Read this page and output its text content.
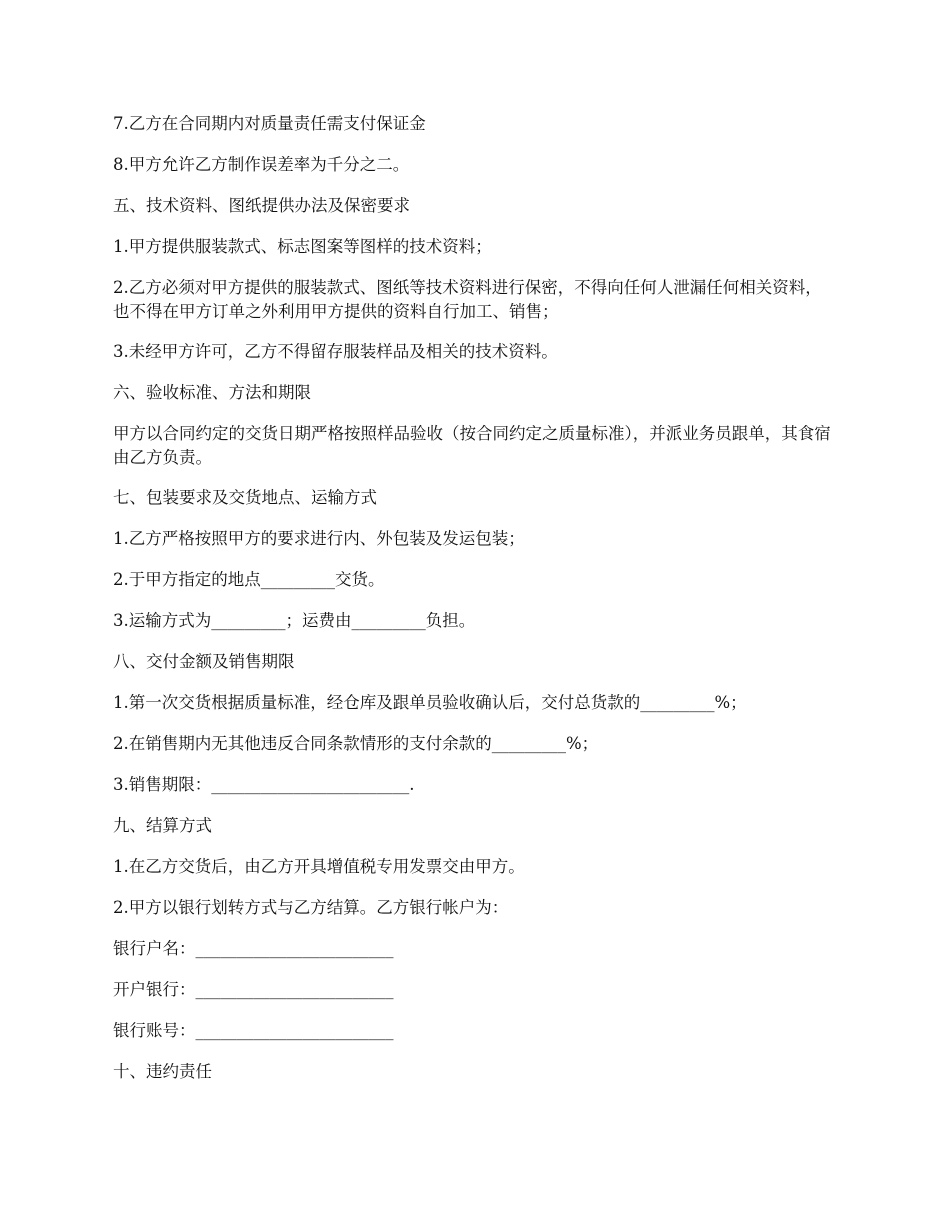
7.乙方在合同期内对质量责任需支付保证金

8.甲方允许乙方制作误差率为千分之二。

五、技术资料、图纸提供办法及保密要求

1.甲方提供服装款式、标志图案等图样的技术资料；

2.乙方必须对甲方提供的服装款式、图纸等技术资料进行保密，不得向任何人泄漏任何相关资料，也不得在甲方订单之外利用甲方提供的资料自行加工、销售；

3.未经甲方许可，乙方不得留存服装样品及相关的技术资料。

六、验收标准、方法和期限

甲方以合同约定的交货日期严格按照样品验收（按合同约定之质量标准），并派业务员跟单，其食宿由乙方负责。

七、包装要求及交货地点、运输方式

1.乙方严格按照甲方的要求进行内、外包装及发运包装；

2.于甲方指定的地点_________交货。

3.运输方式为_________；运费由_________负担。

八、交付金额及销售期限

1.第一次交货根据质量标准，经仓库及跟单员验收确认后，交付总货款的_________%；

2.在销售期内无其他违反合同条款情形的支付余款的_________%；

3.销售期限：________________________.

九、结算方式

1.在乙方交货后，由乙方开具增值税专用发票交由甲方。

2.甲方以银行划转方式与乙方结算。乙方银行帐户为：

银行户名：________________________

开户银行：________________________

银行账号：________________________

十、违约责任
